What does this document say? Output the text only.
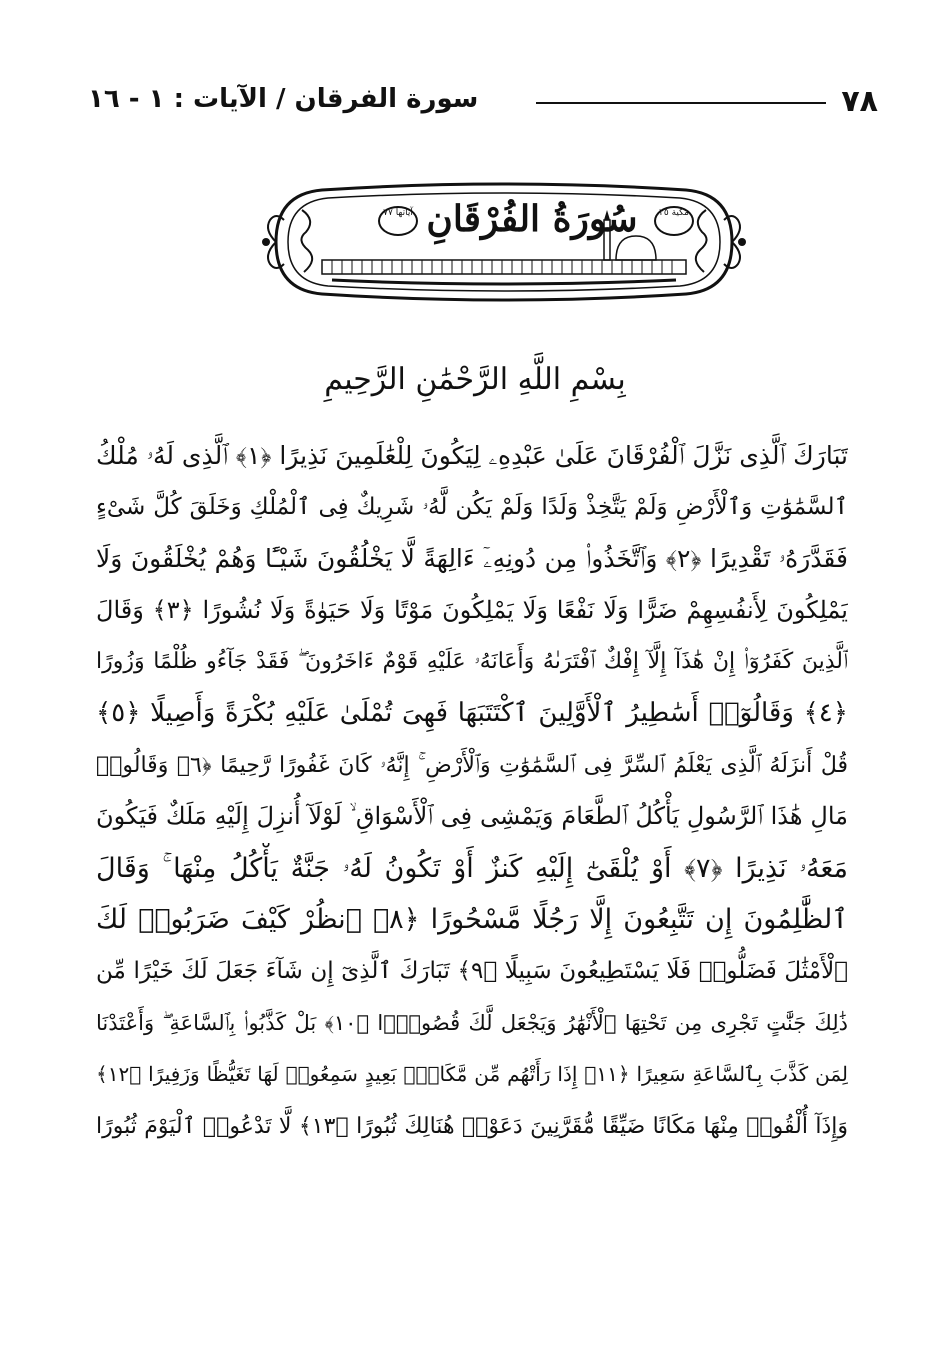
٧٨
سورة الفرقان / الآيات : ١ - ١٦
آياتها ٧٧ سُورَةُ الفُرْقَانِ	مكية ٢٥
بِسْمِ اللَّهِ الرَّحْمَٰنِ الرَّحِيمِ
تَبَارَكَ ٱلَّذِى نَزَّلَ ٱلْفُرْقَانَ عَلَىٰ عَبْدِهِۦ لِيَكُونَ لِلْعَٰلَمِينَ نَذِيرًا ﴿١﴾ ٱلَّذِى لَهُۥ مُلْكُ
ٱلسَّمَٰوَٰتِ وَٱلْأَرْضِ وَلَمْ يَتَّخِذْ وَلَدًا وَلَمْ يَكُن لَّهُۥ شَرِيكٌ فِى ٱلْمُلْكِ وَخَلَقَ كُلَّ شَىْءٍ
فَقَدَّرَهُۥ تَقْدِيرًا ﴿٢﴾ وَٱتَّخَذُوا۟ مِن دُونِهِۦٓ ءَالِهَةً لَّا يَخْلُقُونَ شَيْـًٔا وَهُمْ يُخْلَقُونَ وَلَا
يَمْلِكُونَ لِأَنفُسِهِمْ ضَرًّا وَلَا نَفْعًا وَلَا يَمْلِكُونَ مَوْتًا وَلَا حَيَوٰةً وَلَا نُشُورًا ﴿٣﴾ وَقَالَ
ٱلَّذِينَ كَفَرُوٓا۟ إِنْ هَٰذَآ إِلَّآ إِفْكٌ ٱفْتَرَىٰهُ وَأَعَانَهُۥ عَلَيْهِ قَوْمٌ ءَاخَرُونَ ۖ فَقَدْ جَآءُو ظُلْمًا وَزُورًا
﴿٤﴾ وَقَالُوٓا۟ أَسَٰطِيرُ ٱلْأَوَّلِينَ ٱكْتَتَبَهَا فَهِىَ تُمْلَىٰ عَلَيْهِ بُكْرَةً وَأَصِيلًا ﴿٥﴾
قُلْ أَنزَلَهُ ٱلَّذِى يَعْلَمُ ٱلسِّرَّ فِى ٱلسَّمَٰوَٰتِ وَٱلْأَرْضِ ۚ إِنَّهُۥ كَانَ غَفُورًا رَّحِيمًا ﴿٦﴾ وَقَالُوا۟
مَالِ هَٰذَا ٱلرَّسُولِ يَأْكُلُ ٱلطَّعَامَ وَيَمْشِى فِى ٱلْأَسْوَاقِ ۙ لَوْلَآ أُنزِلَ إِلَيْهِ مَلَكٌ فَيَكُونَ
مَعَهُۥ نَذِيرًا ﴿٧﴾ أَوْ يُلْقَىٰٓ إِلَيْهِ كَنزٌ أَوْ تَكُونُ لَهُۥ جَنَّةٌ يَأْكُلُ مِنْهَا ۚ وَقَالَ
ٱلظَّٰلِمُونَ إِن تَتَّبِعُونَ إِلَّا رَجُلًا مَّسْحُورًا ﴿٨﴾ ٱنظُرْ كَيْفَ ضَرَبُوا۟ لَكَ
ٱلْأَمْثَٰلَ فَضَلُّوا۟ فَلَا يَسْتَطِيعُونَ سَبِيلًا ﴿٩﴾ تَبَارَكَ ٱلَّذِىٓ إِن شَآءَ جَعَلَ لَكَ خَيْرًا مِّن
ذَٰلِكَ جَنَّٰتٍ تَجْرِى مِن تَحْتِهَا ٱلْأَنْهَٰرُ وَيَجْعَل لَّكَ قُصُورًۢا ﴿١٠﴾ بَلْ كَذَّبُوا۟ بِٱلسَّاعَةِ ۖ وَأَعْتَدْنَا
لِمَن كَذَّبَ بِٱلسَّاعَةِ سَعِيرًا ﴿١١﴾ إِذَا رَأَتْهُم مِّن مَّكَانٍۭ بَعِيدٍ سَمِعُوا۟ لَهَا تَغَيُّظًا وَزَفِيرًا ﴿١٢﴾
وَإِذَآ أُلْقُوا۟ مِنْهَا مَكَانًا ضَيِّقًا مُّقَرَّنِينَ دَعَوْا۟ هُنَالِكَ ثُبُورًا ﴿١٣﴾ لَّا تَدْعُوا۟ ٱلْيَوْمَ ثُبُورًا
